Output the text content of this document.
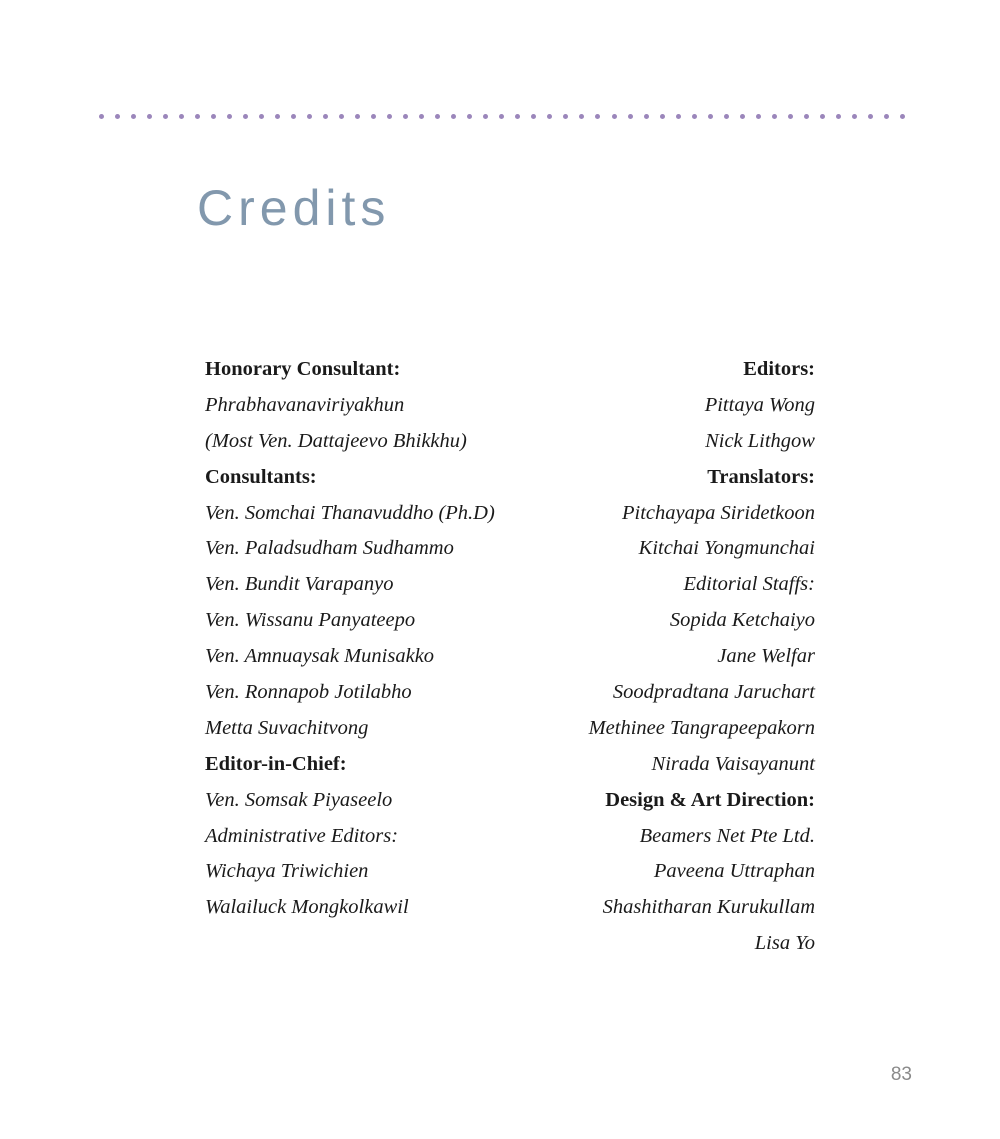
Credits
Honorary Consultant:
Phrabhavanaviriyakhun
(Most Ven. Dattajeevo Bhikkhu)
Consultants:
Ven. Somchai Thanavuddho (Ph.D)
Ven. Paladsudham Sudhammo
Ven. Bundit Varapanyo
Ven. Wissanu Panyateepo
Ven. Amnuaysak Munisakko
Ven. Ronnapob Jotilabho
Metta Suvachitvong
Editor-in-Chief:
Ven. Somsak Piyaseelo
Administrative Editors:
Wichaya Triwichien
Walailuck Mongkolkawil
Editors:
Pittaya Wong
Nick Lithgow
Translators:
Pitchayapa Siridetkoon
Kitchai Yongmunchai
Editorial Staffs:
Sopida Ketchaiyo
Jane Welfar
Soodpradtana Jaruchart
Methinee Tangrapeepakorn
Nirada Vaisayanunt
Design & Art Direction:
Beamers Net Pte Ltd.
Paveena Uttraphan
Shashitharan Kurukullam
Lisa Yo
83
